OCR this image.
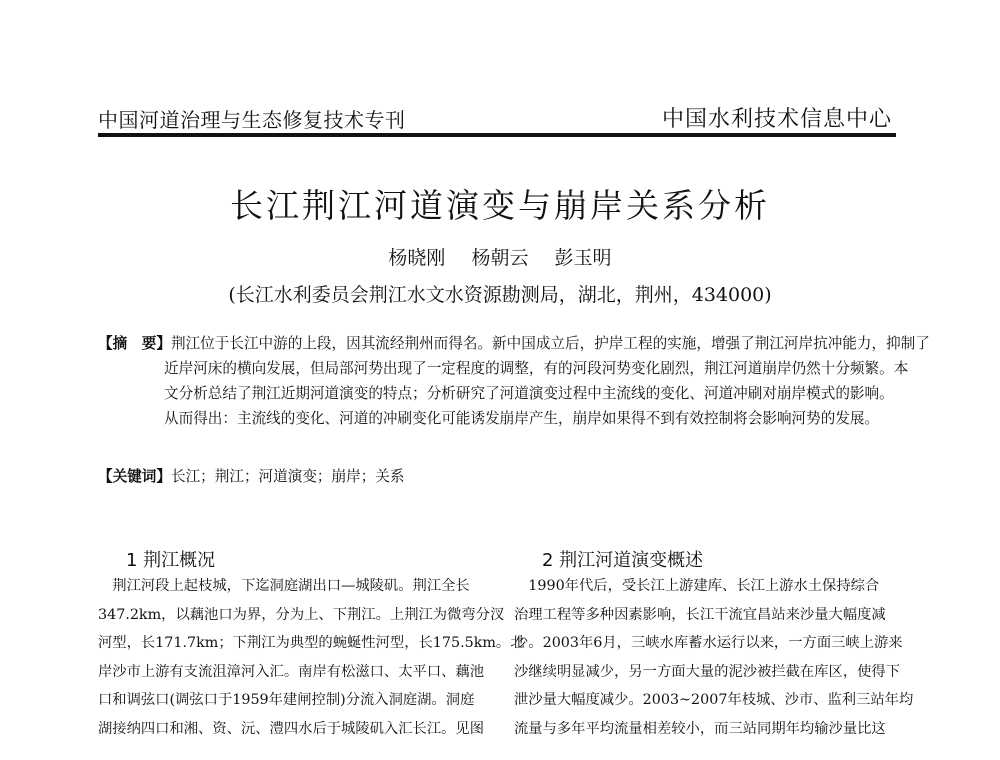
中国河道治理与生态修复技术专刊	中国水利技术信息中心
长江荆江河道演变与崩岸关系分析
杨晓刚 杨朝云 彭玉明
(长江水利委员会荆江水文水资源勘测局，湖北，荆州，434000)
【摘　要】荆江位于长江中游的上段，因其流经荆州而得名。新中国成立后，护岸工程的实施，增强了荆江河岸抗冲能力，抑制了
近岸河床的横向发展，但局部河势出现了一定程度的调整，有的河段河势变化剧烈，荆江河道崩岸仍然十分频繁。本
文分析总结了荆江近期河道演变的特点；分析研究了河道演变过程中主流线的变化、河道冲刷对崩岸模式的影响。
从而得出：主流线的变化、河道的冲刷变化可能诱发崩岸产生，崩岸如果得不到有效控制将会影响河势的发展。
【关键词】长江；荆江；河道演变；崩岸；关系
1 荆江概况
　荆江河段上起枝城，下迄洞庭湖出口—城陵矶。荆江全长
347.2km，以藕池口为界，分为上、下荆江。上荆江为微弯分汊
河型，长171.7km；下荆江为典型的蜿蜒性河型，长175.5km。北
岸沙市上游有支流沮漳河入汇。南岸有松滋口、太平口、藕池
口和调弦口(调弦口于1959年建闸控制)分流入洞庭湖。洞庭
湖接纳四口和湘、资、沅、澧四水后于城陵矶入汇长江。见图
2 荆江河道演变概述
　1990年代后，受长江上游建库、长江上游水土保持综合
治理工程等多种因素影响，长江干流宜昌站来沙量大幅度减
少。2003年6月，三峡水库蓄水运行以来，一方面三峡上游来
沙继续明显减少，另一方面大量的泥沙被拦截在库区，使得下
泄沙量大幅度减少。2003~2007年枝城、沙市、监利三站年均
流量与多年平均流量相差较小，而三站同期年均输沙量比这
